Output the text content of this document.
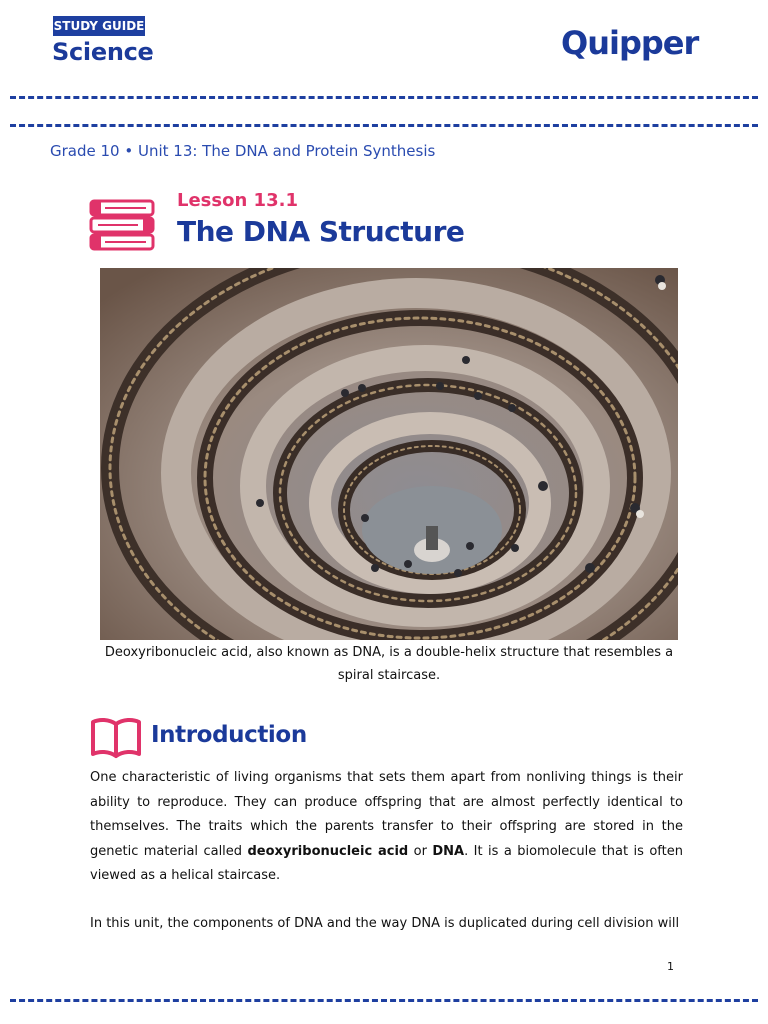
STUDY GUIDE
Science	Quipper
Grade 10 • Unit 13: The DNA and Protein Synthesis
Lesson 13.1
The DNA Structure
Deoxyribonucleic acid, also known as DNA, is a double-helix structure that resembles a spiral staircase.
Introduction

One characteristic of living organisms that sets them apart from nonliving things is their ability to reproduce. They can produce offspring that are almost perfectly identical to themselves. The traits which the parents transfer to their offspring are stored in the genetic material called deoxyribonucleic acid or DNA. It is a biomolecule that is often viewed as a helical staircase.

In this unit, the components of DNA and the way DNA is duplicated during cell division will

1
